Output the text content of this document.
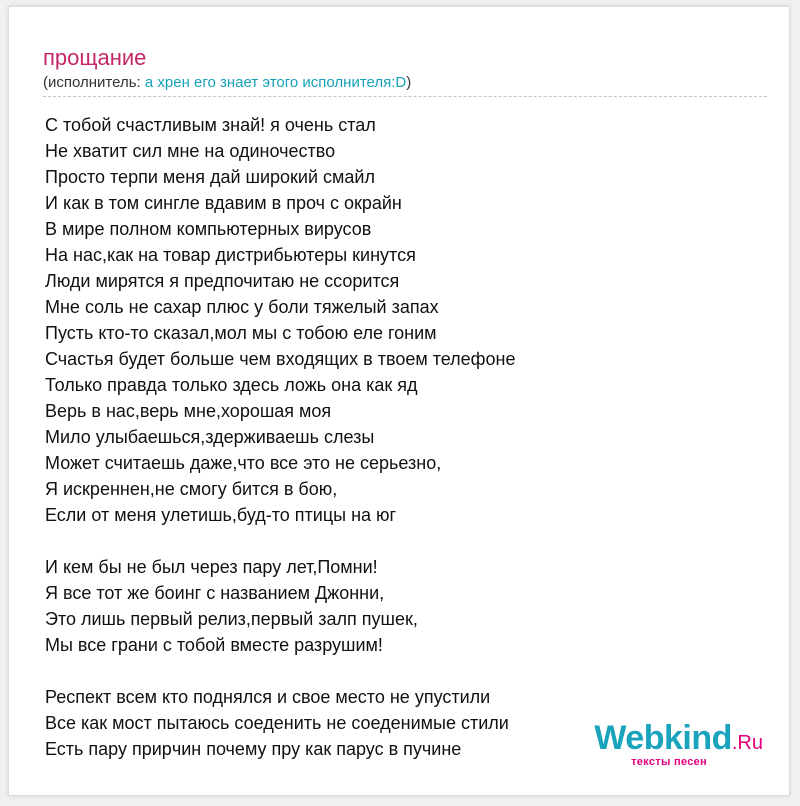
прощание
(исполнитель: а хрен его знает этого исполнителя:D)
С тобой счастливым знай! я очень стал
Не хватит сил мне на одиночество
Просто терпи меня дай широкий смайл
И как в том сингле вдавим в проч с окрайн
В мире полном компьютерных вирусов
На нас,как на товар дистрибьютеры кинутся
Люди мирятся я предпочитаю не ссорится
Мне соль не сахар плюс у боли тяжелый запах
Пусть кто-то сказал,мол мы с тобою еле гоним
Счастья будет больше чем входящих в твоем телефоне
Только правда только здесь ложь она как яд
Верь в нас,верь мне,хорошая моя
Мило улыбаешься,здерживаешь слезы
Может считаешь даже,что все это не серьезно,
Я искреннен,не смогу бится в бою,
Если от меня улетишь,буд-то птицы на юг
И кем бы не был через пару лет,Помни!
Я все тот же боинг с названием Джонни,
Это лишь первый релиз,первый залп пушек,
Мы все грани с тобой вместе разрушим!
Респект всем кто поднялся и свое место не упустили
Все как мост пытаюсь соеденить не соеденимые стили
Есть пару приpчин почему пру как парус в пучине	Webkind.Ru
тексты песен
